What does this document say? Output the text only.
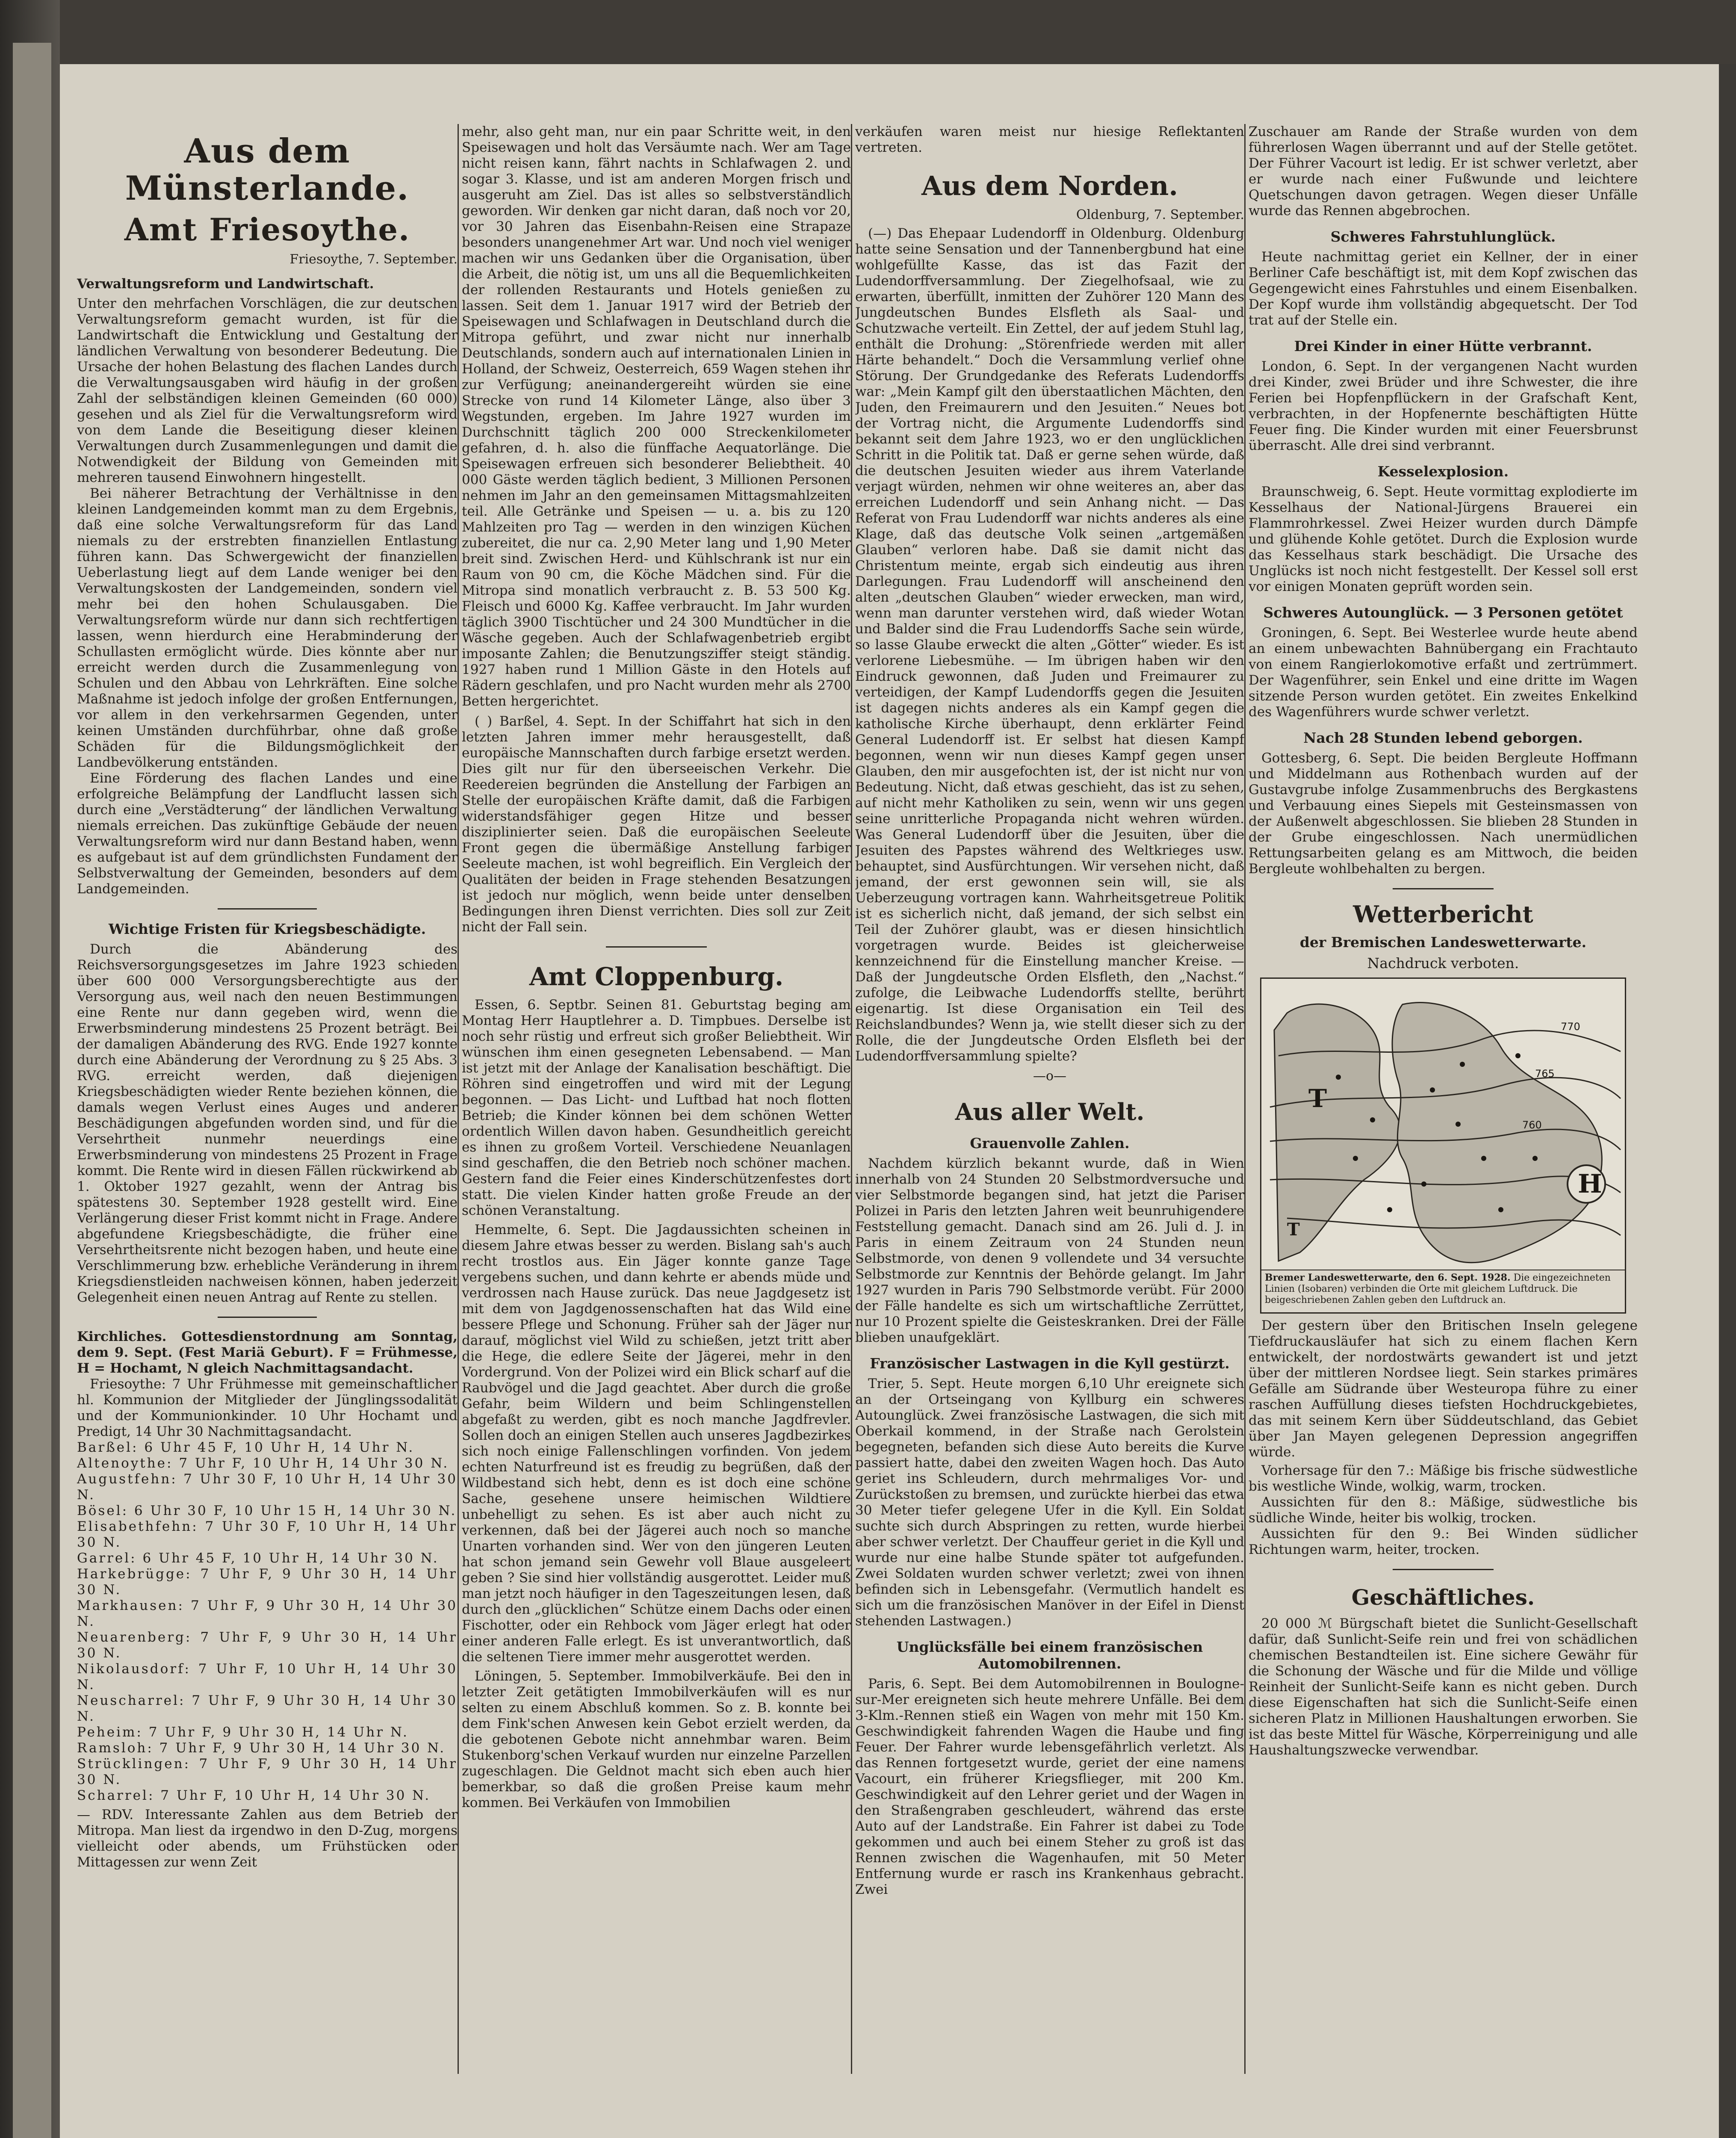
Aus dem Münsterlande.
Amt Friesoythe.
Friesoythe, 7. September.
Verwaltungsreform und Landwirtschaft.

Unter den mehrfachen Vorschlägen, die zur deutschen Verwaltungsreform gemacht wurden, ist für die Landwirtschaft die Entwicklung und Gestaltung der ländlichen Verwaltung von besonderer Bedeutung. Die Ursache der hohen Belastung des flachen Landes durch die Verwaltungsausgaben wird häufig in der großen Zahl der selbständigen kleinen Gemeinden (60 000) gesehen und als Ziel für die Verwaltungsreform wird von dem Lande die Beseitigung dieser kleinen Verwaltungen durch Zusammenlegungen und damit die Notwendigkeit der Bildung von Gemeinden mit mehreren tausend Einwohnern hingestellt.

Bei näherer Betrachtung der Verhältnisse in den kleinen Landgemeinden kommt man zu dem Ergebnis, daß eine solche Verwaltungsreform für das Land niemals zu der erstrebten finanziellen Entlastung führen kann. Das Schwergewicht der finanziellen Ueberlastung liegt auf dem Lande weniger bei den Verwaltungskosten der Landgemeinden, sondern viel mehr bei den hohen Schulausgaben. Die Verwaltungsreform würde nur dann sich rechtfertigen lassen, wenn hierdurch eine Herabminderung der Schullasten ermöglicht würde. Dies könnte aber nur erreicht werden durch die Zusammenlegung von Schulen und den Abbau von Lehrkräften. Eine solche Maßnahme ist jedoch infolge der großen Entfernungen, vor allem in den verkehrsarmen Gegenden, unter keinen Umständen durchführbar, ohne daß große Schäden für die Bildungsmöglichkeit der Landbevölkerung entständen.

Eine Förderung des flachen Landes und eine erfolgreiche Belämpfung der Landflucht lassen sich durch eine „Verstädterung“ der ländlichen Verwaltung niemals erreichen. Das zukünftige Gebäude der neuen Verwaltungsreform wird nur dann Bestand haben, wenn es aufgebaut ist auf dem gründlichsten Fundament der Selbstverwaltung der Gemeinden, besonders auf dem Landgemeinden.

Wichtige Fristen für Kriegsbeschädigte.

Durch die Abänderung des Reichsversorgungsgesetzes im Jahre 1923 schieden über 600 000 Versorgungsberechtigte aus der Versorgung aus, weil nach den neuen Bestimmungen eine Rente nur dann gegeben wird, wenn die Erwerbsminderung mindestens 25 Prozent beträgt. Bei der damaligen Abänderung des RVG. Ende 1927 konnte durch eine Abänderung der Verordnung zu § 25 Abs. 3 RVG. erreicht werden, daß diejenigen Kriegsbeschädigten wieder Rente beziehen können, die damals wegen Verlust eines Auges und anderer Beschädigungen abgefunden worden sind, und für die Versehrtheit nunmehr neuerdings eine Erwerbsminderung von mindestens 25 Prozent in Frage kommt. Die Rente wird in diesen Fällen rückwirkend ab 1. Oktober 1927 gezahlt, wenn der Antrag bis spätestens 30. September 1928 gestellt wird. Eine Verlängerung dieser Frist kommt nicht in Frage. Andere abgefundene Kriegsbeschädigte, die früher eine Versehrtheitsrente nicht bezogen haben, und heute eine Verschlimmerung bzw. erhebliche Veränderung in ihrem Kriegsdienstleiden nachweisen können, haben jederzeit Gelegenheit einen neuen Antrag auf Rente zu stellen.

Kirchliches. Gottesdienstordnung am Sonntag, dem 9. Sept. (Fest Mariä Geburt). F = Frühmesse, H = Hochamt, N gleich Nachmittagsandacht.

Friesoythe: 7 Uhr Frühmesse mit gemeinschaftlicher hl. Kommunion der Mitglieder der Jünglingssodalität und der Kommunionkinder. 10 Uhr Hochamt und Predigt, 14 Uhr 30 Nachmittagsandacht.

Barßel: 6 Uhr 45 F, 10 Uhr H, 14 Uhr N.

Altenoythe: 7 Uhr F, 10 Uhr H, 14 Uhr 30 N.

Augustfehn: 7 Uhr 30 F, 10 Uhr H, 14 Uhr 30 N.

Bösel: 6 Uhr 30 F, 10 Uhr 15 H, 14 Uhr 30 N.

Elisabethfehn: 7 Uhr 30 F, 10 Uhr H, 14 Uhr 30 N.

Garrel: 6 Uhr 45 F, 10 Uhr H, 14 Uhr 30 N.

Harkebrügge: 7 Uhr F, 9 Uhr 30 H, 14 Uhr 30 N.

Markhausen: 7 Uhr F, 9 Uhr 30 H, 14 Uhr 30 N.

Neuarenberg: 7 Uhr F, 9 Uhr 30 H, 14 Uhr 30 N.

Nikolausdorf: 7 Uhr F, 10 Uhr H, 14 Uhr 30 N.

Neuscharrel: 7 Uhr F, 9 Uhr 30 H, 14 Uhr 30 N.

Peheim: 7 Uhr F, 9 Uhr 30 H, 14 Uhr N.

Ramsloh: 7 Uhr F, 9 Uhr 30 H, 14 Uhr 30 N.

Strücklingen: 7 Uhr F, 9 Uhr 30 H, 14 Uhr 30 N.

Scharrel: 7 Uhr F, 10 Uhr H, 14 Uhr 30 N.

— RDV. Interessante Zahlen aus dem Betrieb der Mitropa. Man liest da irgendwo in den D-Zug, morgens vielleicht oder abends, um Frühstücken oder Mittagessen zur wenn Zeit

mehr, also geht man, nur ein paar Schritte weit, in den Speisewagen und holt das Versäumte nach. Wer am Tage nicht reisen kann, fährt nachts in Schlafwagen 2. und sogar 3. Klasse, und ist am anderen Morgen frisch und ausgeruht am Ziel. Das ist alles so selbstverständlich geworden. Wir denken gar nicht daran, daß noch vor 20, vor 30 Jahren das Eisenbahn-Reisen eine Strapaze besonders unangenehmer Art war. Und noch viel weniger machen wir uns Gedanken über die Organisation, über die Arbeit, die nötig ist, um uns all die Bequemlichkeiten der rollenden Restaurants und Hotels genießen zu lassen. Seit dem 1. Januar 1917 wird der Betrieb der Speisewagen und Schlafwagen in Deutschland durch die Mitropa geführt, und zwar nicht nur innerhalb Deutschlands, sondern auch auf internationalen Linien in Holland, der Schweiz, Oesterreich, 659 Wagen stehen ihr zur Verfügung; aneinandergereiht würden sie eine Strecke von rund 14 Kilometer Länge, also über 3 Wegstunden, ergeben. Im Jahre 1927 wurden im Durchschnitt täglich 200 000 Streckenkilometer gefahren, d. h. also die fünffache Aequatorlänge. Die Speisewagen erfreuen sich besonderer Beliebtheit. 40 000 Gäste werden täglich bedient, 3 Millionen Personen nehmen im Jahr an den gemeinsamen Mittagsmahlzeiten teil. Alle Getränke und Speisen — u. a. bis zu 120 Mahlzeiten pro Tag — werden in den winzigen Küchen zubereitet, die nur ca. 2,90 Meter lang und 1,90 Meter breit sind. Zwischen Herd- und Kühlschrank ist nur ein Raum von 90 cm, die Köche Mädchen sind. Für die Mitropa sind monatlich verbraucht z. B. 53 500 Kg. Fleisch und 6000 Kg. Kaffee verbraucht. Im Jahr wurden täglich 3900 Tischtücher und 24 300 Mundtücher in die Wäsche gegeben. Auch der Schlafwagenbetrieb ergibt imposante Zahlen; die Benutzungsziffer steigt ständig. 1927 haben rund 1 Million Gäste in den Hotels auf Rädern geschlafen, und pro Nacht wurden mehr als 2700 Betten hergerichtet.

( ) Barßel, 4. Sept. In der Schiffahrt hat sich in den letzten Jahren immer mehr herausgestellt, daß europäische Mannschaften durch farbige ersetzt werden. Dies gilt nur für den überseeischen Verkehr. Die Reedereien begründen die Anstellung der Farbigen an Stelle der europäischen Kräfte damit, daß die Farbigen widerstandsfähiger gegen Hitze und besser disziplinierter seien. Daß die europäischen Seeleute Front gegen die übermäßige Anstellung farbiger Seeleute machen, ist wohl begreiflich. Ein Vergleich der Qualitäten der beiden in Frage stehenden Besatzungen ist jedoch nur möglich, wenn beide unter denselben Bedingungen ihren Dienst verrichten. Dies soll zur Zeit nicht der Fall sein.

Amt Cloppenburg.

Essen, 6. Septbr. Seinen 81. Geburtstag beging am Montag Herr Hauptlehrer a. D. Timpbues. Derselbe ist noch sehr rüstig und erfreut sich großer Beliebtheit. Wir wünschen ihm einen gesegneten Lebensabend. — Man ist jetzt mit der Anlage der Kanalisation beschäftigt. Die Röhren sind eingetroffen und wird mit der Legung begonnen. — Das Licht- und Luftbad hat noch flotten Betrieb; die Kinder können bei dem schönen Wetter ordentlich Willen davon haben. Gesundheitlich gereicht es ihnen zu großem Vorteil. Verschiedene Neuanlagen sind geschaffen, die den Betrieb noch schöner machen. Gestern fand die Feier eines Kinderschützenfestes dort statt. Die vielen Kinder hatten große Freude an der schönen Veranstaltung.

Hemmelte, 6. Sept. Die Jagdaussichten scheinen in diesem Jahre etwas besser zu werden. Bislang sah's auch recht trostlos aus. Ein Jäger konnte ganze Tage vergebens suchen, und dann kehrte er abends müde und verdrossen nach Hause zurück. Das neue Jagdgesetz ist mit dem von Jagdgenossenschaften hat das Wild eine bessere Pflege und Schonung. Früher sah der Jäger nur darauf, möglichst viel Wild zu schießen, jetzt tritt aber die Hege, die edlere Seite der Jägerei, mehr in den Vordergrund. Von der Polizei wird ein Blick scharf auf die Raubvögel und die Jagd geachtet. Aber durch die große Gefahr, beim Wildern und beim Schlingenstellen abgefaßt zu werden, gibt es noch manche Jagdfrevler. Sollen doch an einigen Stellen auch unseres Jagdbezirkes sich noch einige Fallenschlingen vorfinden. Von jedem echten Naturfreund ist es freudig zu begrüßen, daß der Wildbestand sich hebt, denn es ist doch eine schöne Sache, gesehene unsere heimischen Wildtiere unbehelligt zu sehen. Es ist aber auch nicht zu verkennen, daß bei der Jägerei auch noch so manche Unarten vorhanden sind. Wer von den jüngeren Leuten hat schon jemand sein Gewehr voll Blaue ausgeleert geben ? Sie sind hier vollständig ausgerottet. Leider muß man jetzt noch häufiger in den Tageszeitungen lesen, daß durch den „glücklichen“ Schütze einem Dachs oder einen Fischotter, oder ein Rehbock vom Jäger erlegt hat oder einer anderen Falle erlegt. Es ist unverantwortlich, daß die seltenen Tiere immer mehr ausgerottet werden.

Löningen, 5. September. Immobilverkäufe. Bei den in letzter Zeit getätigten Immobilverkäufen will es nur selten zu einem Abschluß kommen. So z. B. konnte bei dem Fink'schen Anwesen kein Gebot erzielt werden, da die gebotenen Gebote nicht annehmbar waren. Beim Stukenborg'schen Verkauf wurden nur einzelne Parzellen zugeschlagen. Die Geldnot macht sich eben auch hier bemerkbar, so daß die großen Preise kaum mehr kommen. Bei Verkäufen von Immobilien

verkäufen waren meist nur hiesige Reflektanten vertreten.

Aus dem Norden.
Oldenburg, 7. September.

(—) Das Ehepaar Ludendorff in Oldenburg. Oldenburg hatte seine Sensation und der Tannenbergbund hat eine wohlgefüllte Kasse, das ist das Fazit der Ludendorffversammlung. Der Ziegelhofsaal, wie zu erwarten, überfüllt, inmitten der Zuhörer 120 Mann des Jungdeutschen Bundes Elsfleth als Saal- und Schutzwache verteilt. Ein Zettel, der auf jedem Stuhl lag, enthält die Drohung: „Störenfriede werden mit aller Härte behandelt.“ Doch die Versammlung verlief ohne Störung. Der Grundgedanke des Referats Ludendorffs war: „Mein Kampf gilt den überstaatlichen Mächten, den Juden, den Freimaurern und den Jesuiten.“ Neues bot der Vortrag nicht, die Argumente Ludendorffs sind bekannt seit dem Jahre 1923, wo er den unglücklichen Schritt in die Politik tat. Daß er gerne sehen würde, daß die deutschen Jesuiten wieder aus ihrem Vaterlande verjagt würden, nehmen wir ohne weiteres an, aber das erreichen Ludendorff und sein Anhang nicht. — Das Referat von Frau Ludendorff war nichts anderes als eine Klage, daß das deutsche Volk seinen „artgemäßen Glauben“ verloren habe. Daß sie damit nicht das Christentum meinte, ergab sich eindeutig aus ihren Darlegungen. Frau Ludendorff will anscheinend den alten „deutschen Glauben“ wieder erwecken, man wird, wenn man darunter verstehen wird, daß wieder Wotan und Balder sind die Frau Ludendorffs Sache sein würde, so lasse Glaube erweckt die alten „Götter“ wieder. Es ist verlorene Liebesmühe. — Im übrigen haben wir den Eindruck gewonnen, daß Juden und Freimaurer zu verteidigen, der Kampf Ludendorffs gegen die Jesuiten ist dagegen nichts anderes als ein Kampf gegen die katholische Kirche überhaupt, denn erklärter Feind General Ludendorff ist. Er selbst hat diesen Kampf begonnen, wenn wir nun dieses Kampf gegen unser Glauben, den mir ausgefochten ist, der ist nicht nur von Bedeutung. Nicht, daß etwas geschieht, das ist zu sehen, auf nicht mehr Katholiken zu sein, wenn wir uns gegen seine unritterliche Propaganda nicht wehren würden. Was General Ludendorff über die Jesuiten, über die Jesuiten des Papstes während des Weltkrieges usw. behauptet, sind Ausfürchtungen. Wir versehen nicht, daß jemand, der erst gewonnen sein will, sie als Ueberzeugung vortragen kann. Wahrheitsgetreue Politik ist es sicherlich nicht, daß jemand, der sich selbst ein Teil der Zuhörer glaubt, was er diesen hinsichtlich vorgetragen wurde. Beides ist gleicherweise kennzeichnend für die Einstellung mancher Kreise. — Daß der Jungdeutsche Orden Elsfleth, den „Nachst.“ zufolge, die Leibwache Ludendorffs stellte, berührt eigenartig. Ist diese Organisation ein Teil des Reichslandbundes? Wenn ja, wie stellt dieser sich zu der Rolle, die der Jungdeutsche Orden Elsfleth bei der Ludendorffversammlung spielte?

—o—
Aus aller Welt.
Grauenvolle Zahlen.

Nachdem kürzlich bekannt wurde, daß in Wien innerhalb von 24 Stunden 20 Selbstmordversuche und vier Selbstmorde begangen sind, hat jetzt die Pariser Polizei in Paris den letzten Jahren weit beunruhigendere Feststellung gemacht. Danach sind am 26. Juli d. J. in Paris in einem Zeitraum von 24 Stunden neun Selbstmorde, von denen 9 vollendete und 34 versuchte Selbstmorde zur Kenntnis der Behörde gelangt. Im Jahr 1927 wurden in Paris 790 Selbstmorde verübt. Für 2000 der Fälle handelte es sich um wirtschaftliche Zerrüttet, nur 10 Prozent spielte die Geisteskranken. Drei der Fälle blieben unaufgeklärt.

Französischer Lastwagen in die Kyll gestürzt.

Trier, 5. Sept. Heute morgen 6,10 Uhr ereignete sich an der Ortseingang von Kyllburg ein schweres Autounglück. Zwei französische Lastwagen, die sich mit Oberkail kommend, in der Straße nach Gerolstein begegneten, befanden sich diese Auto bereits die Kurve passiert hatte, dabei den zweiten Wagen hoch. Das Auto geriet ins Schleudern, durch mehrmaliges Vor- und Zurückstoßen zu bremsen, und zurückte hierbei das etwa 30 Meter tiefer gelegene Ufer in die Kyll. Ein Soldat suchte sich durch Abspringen zu retten, wurde hierbei aber schwer verletzt. Der Chauffeur geriet in die Kyll und wurde nur eine halbe Stunde später tot aufgefunden. Zwei Soldaten wurden schwer verletzt; zwei von ihnen befinden sich in Lebensgefahr. (Vermutlich handelt es sich um die französischen Manöver in der Eifel in Dienst stehenden Lastwagen.)

Unglücksfälle bei einem französischen Automobilrennen.

Paris, 6. Sept. Bei dem Automobilrennen in Boulogne-sur-Mer ereigneten sich heute mehrere Unfälle. Bei dem 3-Klm.-Rennen stieß ein Wagen von mehr mit 150 Km. Geschwindigkeit fahrenden Wagen die Haube und fing Feuer. Der Fahrer wurde lebensgefährlich verletzt. Als das Rennen fortgesetzt wurde, geriet der eine namens Vacourt, ein früherer Kriegsflieger, mit 200 Km. Geschwindigkeit auf den Lehrer geriet und der Wagen in den Straßengraben geschleudert, während das erste Auto auf der Landstraße. Ein Fahrer ist dabei zu Tode gekommen und auch bei einem Steher zu groß ist das Rennen zwischen die Wagenhaufen, mit 50 Meter Entfernung wurde er rasch ins Krankenhaus gebracht. Zwei

Zuschauer am Rande der Straße wurden von dem führerlosen Wagen überrannt und auf der Stelle getötet. Der Führer Vacourt ist ledig. Er ist schwer verletzt, aber er wurde nach einer Fußwunde und leichtere Quetschungen davon getragen. Wegen dieser Unfälle wurde das Rennen abgebrochen.

Schweres Fahrstuhlunglück.

Heute nachmittag geriet ein Kellner, der in einer Berliner Cafe beschäftigt ist, mit dem Kopf zwischen das Gegengewicht eines Fahrstuhles und einem Eisenbalken. Der Kopf wurde ihm vollständig abgequetscht. Der Tod trat auf der Stelle ein.

Drei Kinder in einer Hütte verbrannt.

London, 6. Sept. In der vergangenen Nacht wurden drei Kinder, zwei Brüder und ihre Schwester, die ihre Ferien bei Hopfenpflückern in der Grafschaft Kent, verbrachten, in der Hopfenernte beschäftigten Hütte Feuer fing. Die Kinder wurden mit einer Feuersbrunst überrascht. Alle drei sind verbrannt.

Kesselexplosion.

Braunschweig, 6. Sept. Heute vormittag explodierte im Kesselhaus der National-Jürgens Brauerei ein Flammrohrkessel. Zwei Heizer wurden durch Dämpfe und glühende Kohle getötet. Durch die Explosion wurde das Kesselhaus stark beschädigt. Die Ursache des Unglücks ist noch nicht festgestellt. Der Kessel soll erst vor einigen Monaten geprüft worden sein.

Schweres Autounglück. — 3 Personen getötet

Groningen, 6. Sept. Bei Westerlee wurde heute abend an einem unbewachten Bahnübergang ein Frachtauto von einem Rangierlokomotive erfaßt und zertrümmert. Der Wagenführer, sein Enkel und eine dritte im Wagen sitzende Person wurden getötet. Ein zweites Enkelkind des Wagenführers wurde schwer verletzt.

Nach 28 Stunden lebend geborgen.

Gottesberg, 6. Sept. Die beiden Bergleute Hoffmann und Middelmann aus Rothenbach wurden auf der Gustavgrube infolge Zusammenbruchs des Bergkastens und Verbauung eines Siepels mit Gesteinsmassen von der Außenwelt abgeschlossen. Sie blieben 28 Stunden in der Grube eingeschlossen. Nach unermüdlichen Rettungsarbeiten gelang es am Mittwoch, die beiden Bergleute wohlbehalten zu bergen.

Wetterbericht
der Bremischen Landeswetterwarte.
Nachdruck verboten.
H
T
T
770
765
760
Bremer Landeswetterwarte, den 6. Sept. 1928. Die eingezeichneten Linien (Isobaren) verbinden die Orte mit gleichem Luftdruck. Die beigeschriebenen Zahlen geben den Luftdruck an.

Der gestern über den Britischen Inseln gelegene Tiefdruckausläufer hat sich zu einem flachen Kern entwickelt, der nordostwärts gewandert ist und jetzt über der mittleren Nordsee liegt. Sein starkes primäres Gefälle am Südrande über Westeuropa führe zu einer raschen Auffüllung dieses tiefsten Hochdruckgebietes, das mit seinem Kern über Süddeutschland, das Gebiet über Jan Mayen gelegenen Depression angegriffen würde.

Vorhersage für den 7.: Mäßige bis frische südwestliche bis westliche Winde, wolkig, warm, trocken.

Aussichten für den 8.: Mäßige, südwestliche bis südliche Winde, heiter bis wolkig, trocken.

Aussichten für den 9.: Bei Winden südlicher Richtungen warm, heiter, trocken.

Geschäftliches.

20 000 ℳ Bürgschaft bietet die Sunlicht-Gesellschaft dafür, daß Sunlicht-Seife rein und frei von schädlichen chemischen Bestandteilen ist. Eine sichere Gewähr für die Schonung der Wäsche und für die Milde und völlige Reinheit der Sunlicht-Seife kann es nicht geben. Durch diese Eigenschaften hat sich die Sunlicht-Seife einen sicheren Platz in Millionen Haushaltungen erworben. Sie ist das beste Mittel für Wäsche, Körperreinigung und alle Haushaltungszwecke verwendbar.
